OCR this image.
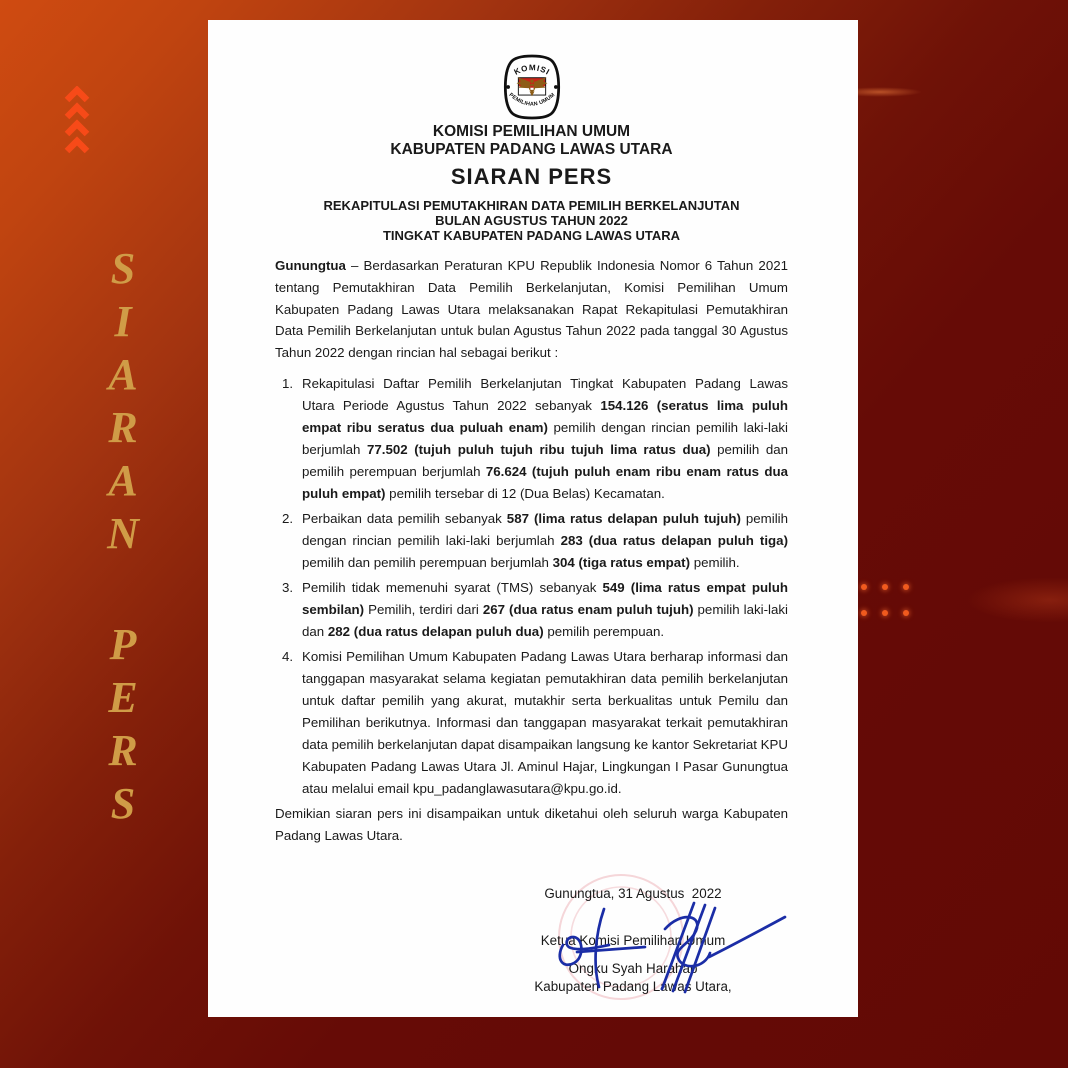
S
I
A
R
A
N
P
E
R
S
KOMISI
PEMILIHAN UMUM
KOMISI PEMILIHAN UMUM
KABUPATEN PADANG LAWAS UTARA
SIARAN PERS
REKAPITULASI PEMUTAKHIRAN DATA PEMILIH BERKELANJUTAN
BULAN AGUSTUS TAHUN 2022
TINGKAT KABUPATEN PADANG LAWAS UTARA

Gunungtua – Berdasarkan Peraturan KPU Republik Indonesia Nomor 6 Tahun 2021 tentang Pemutakhiran Data Pemilih Berkelanjutan, Komisi Pemilihan Umum Kabupaten Padang Lawas Utara melaksanakan Rapat Rekapitulasi Pemutakhiran Data Pemilih Berkelanjutan untuk bulan Agustus Tahun 2022 pada tanggal 30 Agustus Tahun 2022 dengan rincian hal sebagai berikut :

1. Rekapitulasi Daftar Pemilih Berkelanjutan Tingkat Kabupaten Padang Lawas Utara Periode Agustus Tahun 2022 sebanyak 154.126 (seratus lima puluh empat ribu seratus dua puluah enam) pemilih dengan rincian pemilih laki-laki berjumlah 77.502 (tujuh puluh tujuh ribu tujuh lima ratus dua) pemilih dan pemilih perempuan berjumlah 76.624 (tujuh puluh enam ribu enam ratus dua puluh empat) pemilih tersebar di 12 (Dua Belas) Kecamatan.
2. Perbaikan data pemilih sebanyak 587 (lima ratus delapan puluh tujuh) pemilih dengan rincian pemilih laki-laki berjumlah 283 (dua ratus delapan puluh tiga) pemilih dan pemilih perempuan berjumlah 304 (tiga ratus empat) pemilih.
3. Pemilih tidak memenuhi syarat (TMS) sebanyak 549 (lima ratus empat puluh sembilan) Pemilih, terdiri dari 267 (dua ratus enam puluh tujuh) pemilih laki-laki dan 282 (dua ratus delapan puluh dua) pemilih perempuan.
4. Komisi Pemilihan Umum Kabupaten Padang Lawas Utara berharap informasi dan tanggapan masyarakat selama kegiatan pemutakhiran data pemilih berkelanjutan untuk daftar pemilih yang akurat, mutakhir serta berkualitas untuk Pemilu dan Pemilihan berikutnya. Informasi dan tanggapan masyarakat terkait pemutakhiran data pemilih berkelanjutan dapat disampaikan langsung ke kantor Sekretariat KPU Kabupaten Padang Lawas Utara Jl. Aminul Hajar, Lingkungan I Pasar Gunungtua atau melalui email kpu_padanglawasutara@kpu.go.id.

Demikian siaran pers ini disampaikan untuk diketahui oleh seluruh warga Kabupaten Padang Lawas Utara.

Gunungtua, 31 Agustus  2022

Ketua Komisi Pemilihan Umum

Kabupaten Padang Lawas Utara,

Ongku Syah Harahap
